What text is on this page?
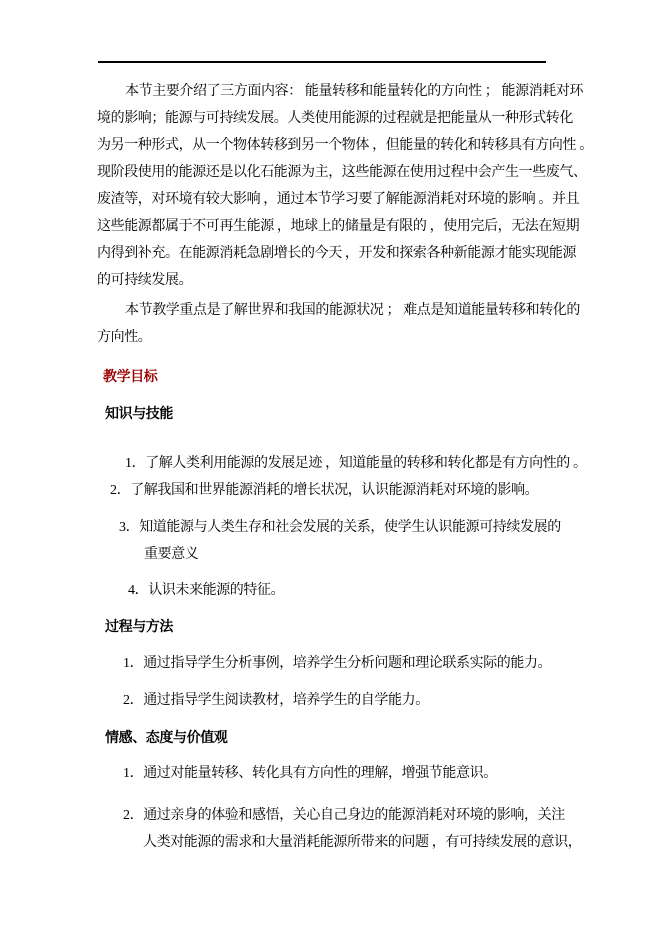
本节主要介绍了三方面内容： 能量转移和能量转化的方向性 ； 能源消耗对环
境的影响；能源与可持续发展。人类使用能源的过程就是把能量从一种形式转化
为另一种形式，从一个物体转移到另一个物体 ，但能量的转化和转移具有方向性 。
现阶段使用的能源还是以化石能源为主，这些能源在使用过程中会产生一些废气、
废渣等，对环境有较大影响 ，通过本节学习要了解能源消耗对环境的影响 。并且
这些能源都属于不可再生能源 ，地球上的储量是有限的 ，使用完后，无法在短期
内得到补充。在能源消耗急剧增长的今天 ，开发和探索各种新能源才能实现能源
的可持续发展。
本节教学重点是了解世界和我国的能源状况 ； 难点是知道能量转移和转化的
方向性。
教学目标
知识与技能
1．了解人类利用能源的发展足迹 ，知道能量的转移和转化都是有方向性的 。
2．了解我国和世界能源消耗的增长状况，认识能源消耗对环境的影响。
3．知道能源与人类生存和社会发展的关系，使学生认识能源可持续发展的
重要意义
4．认识未来能源的特征。
过程与方法
1．通过指导学生分析事例，培养学生分析问题和理论联系实际的能力。
2．通过指导学生阅读教材，培养学生的自学能力。
情感、态度与价值观
1．通过对能量转移、转化具有方向性的理解，增强节能意识。
2．通过亲身的体验和感悟，关心自己身边的能源消耗对环境的影响，关注
人类对能源的需求和大量消耗能源所带来的问题 ，有可持续发展的意识，
